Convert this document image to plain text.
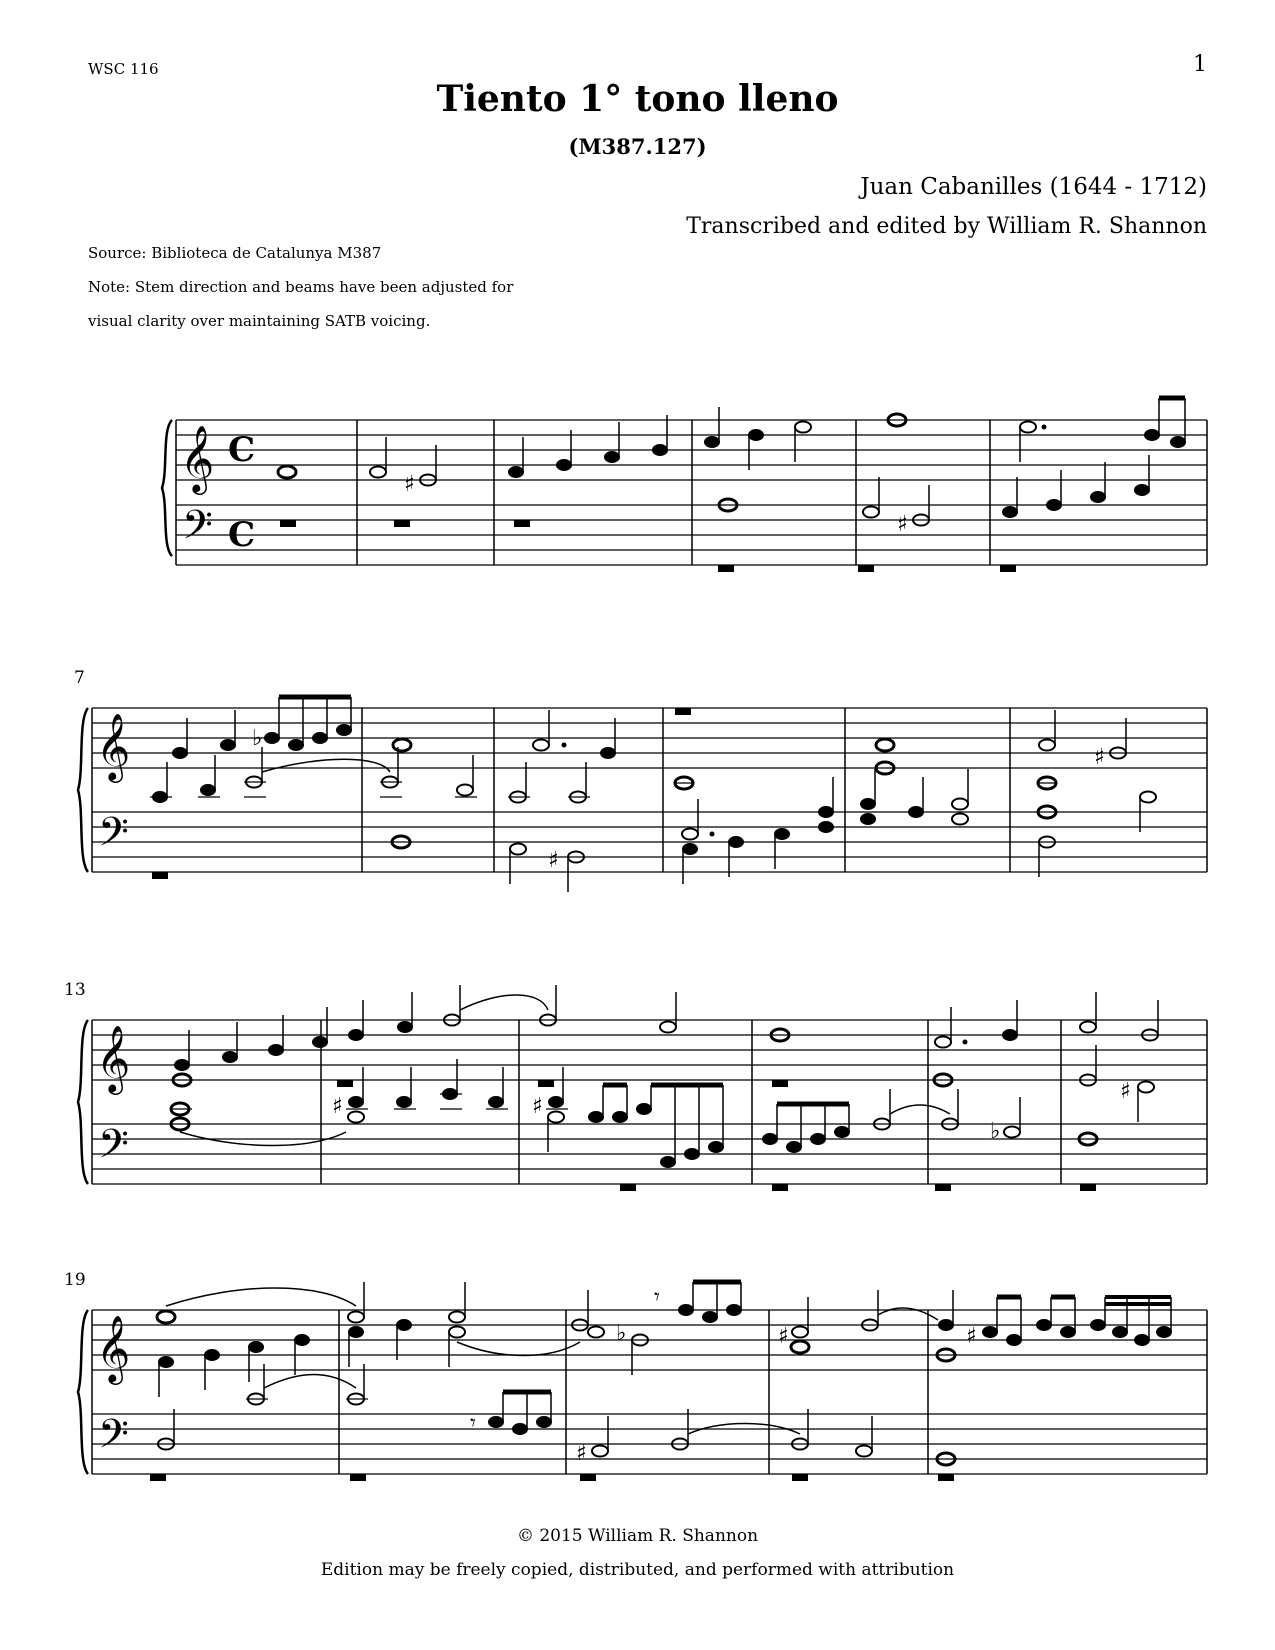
WSC 116	1
Tiento 1° tono lleno
(M387.127)
Juan Cabanilles (1644 - 1712)
Transcribed and edited by William R. Shannon
Source: Biblioteca de Catalunya M387
Note: Stem direction and beams have been adjusted for
visual clarity over maintaining SATB voicing.
𝄞
𝄢
C
C
♯
♯
7
𝄞
𝄢
♭
♯
♯
13
𝄞
𝄢
♯
♯	♯
♭
19
𝄞
𝄢
♭
𝄾
♯	♯
𝄾
♯
© 2015 William R. Shannon
Edition may be freely copied, distributed, and performed with attribution
